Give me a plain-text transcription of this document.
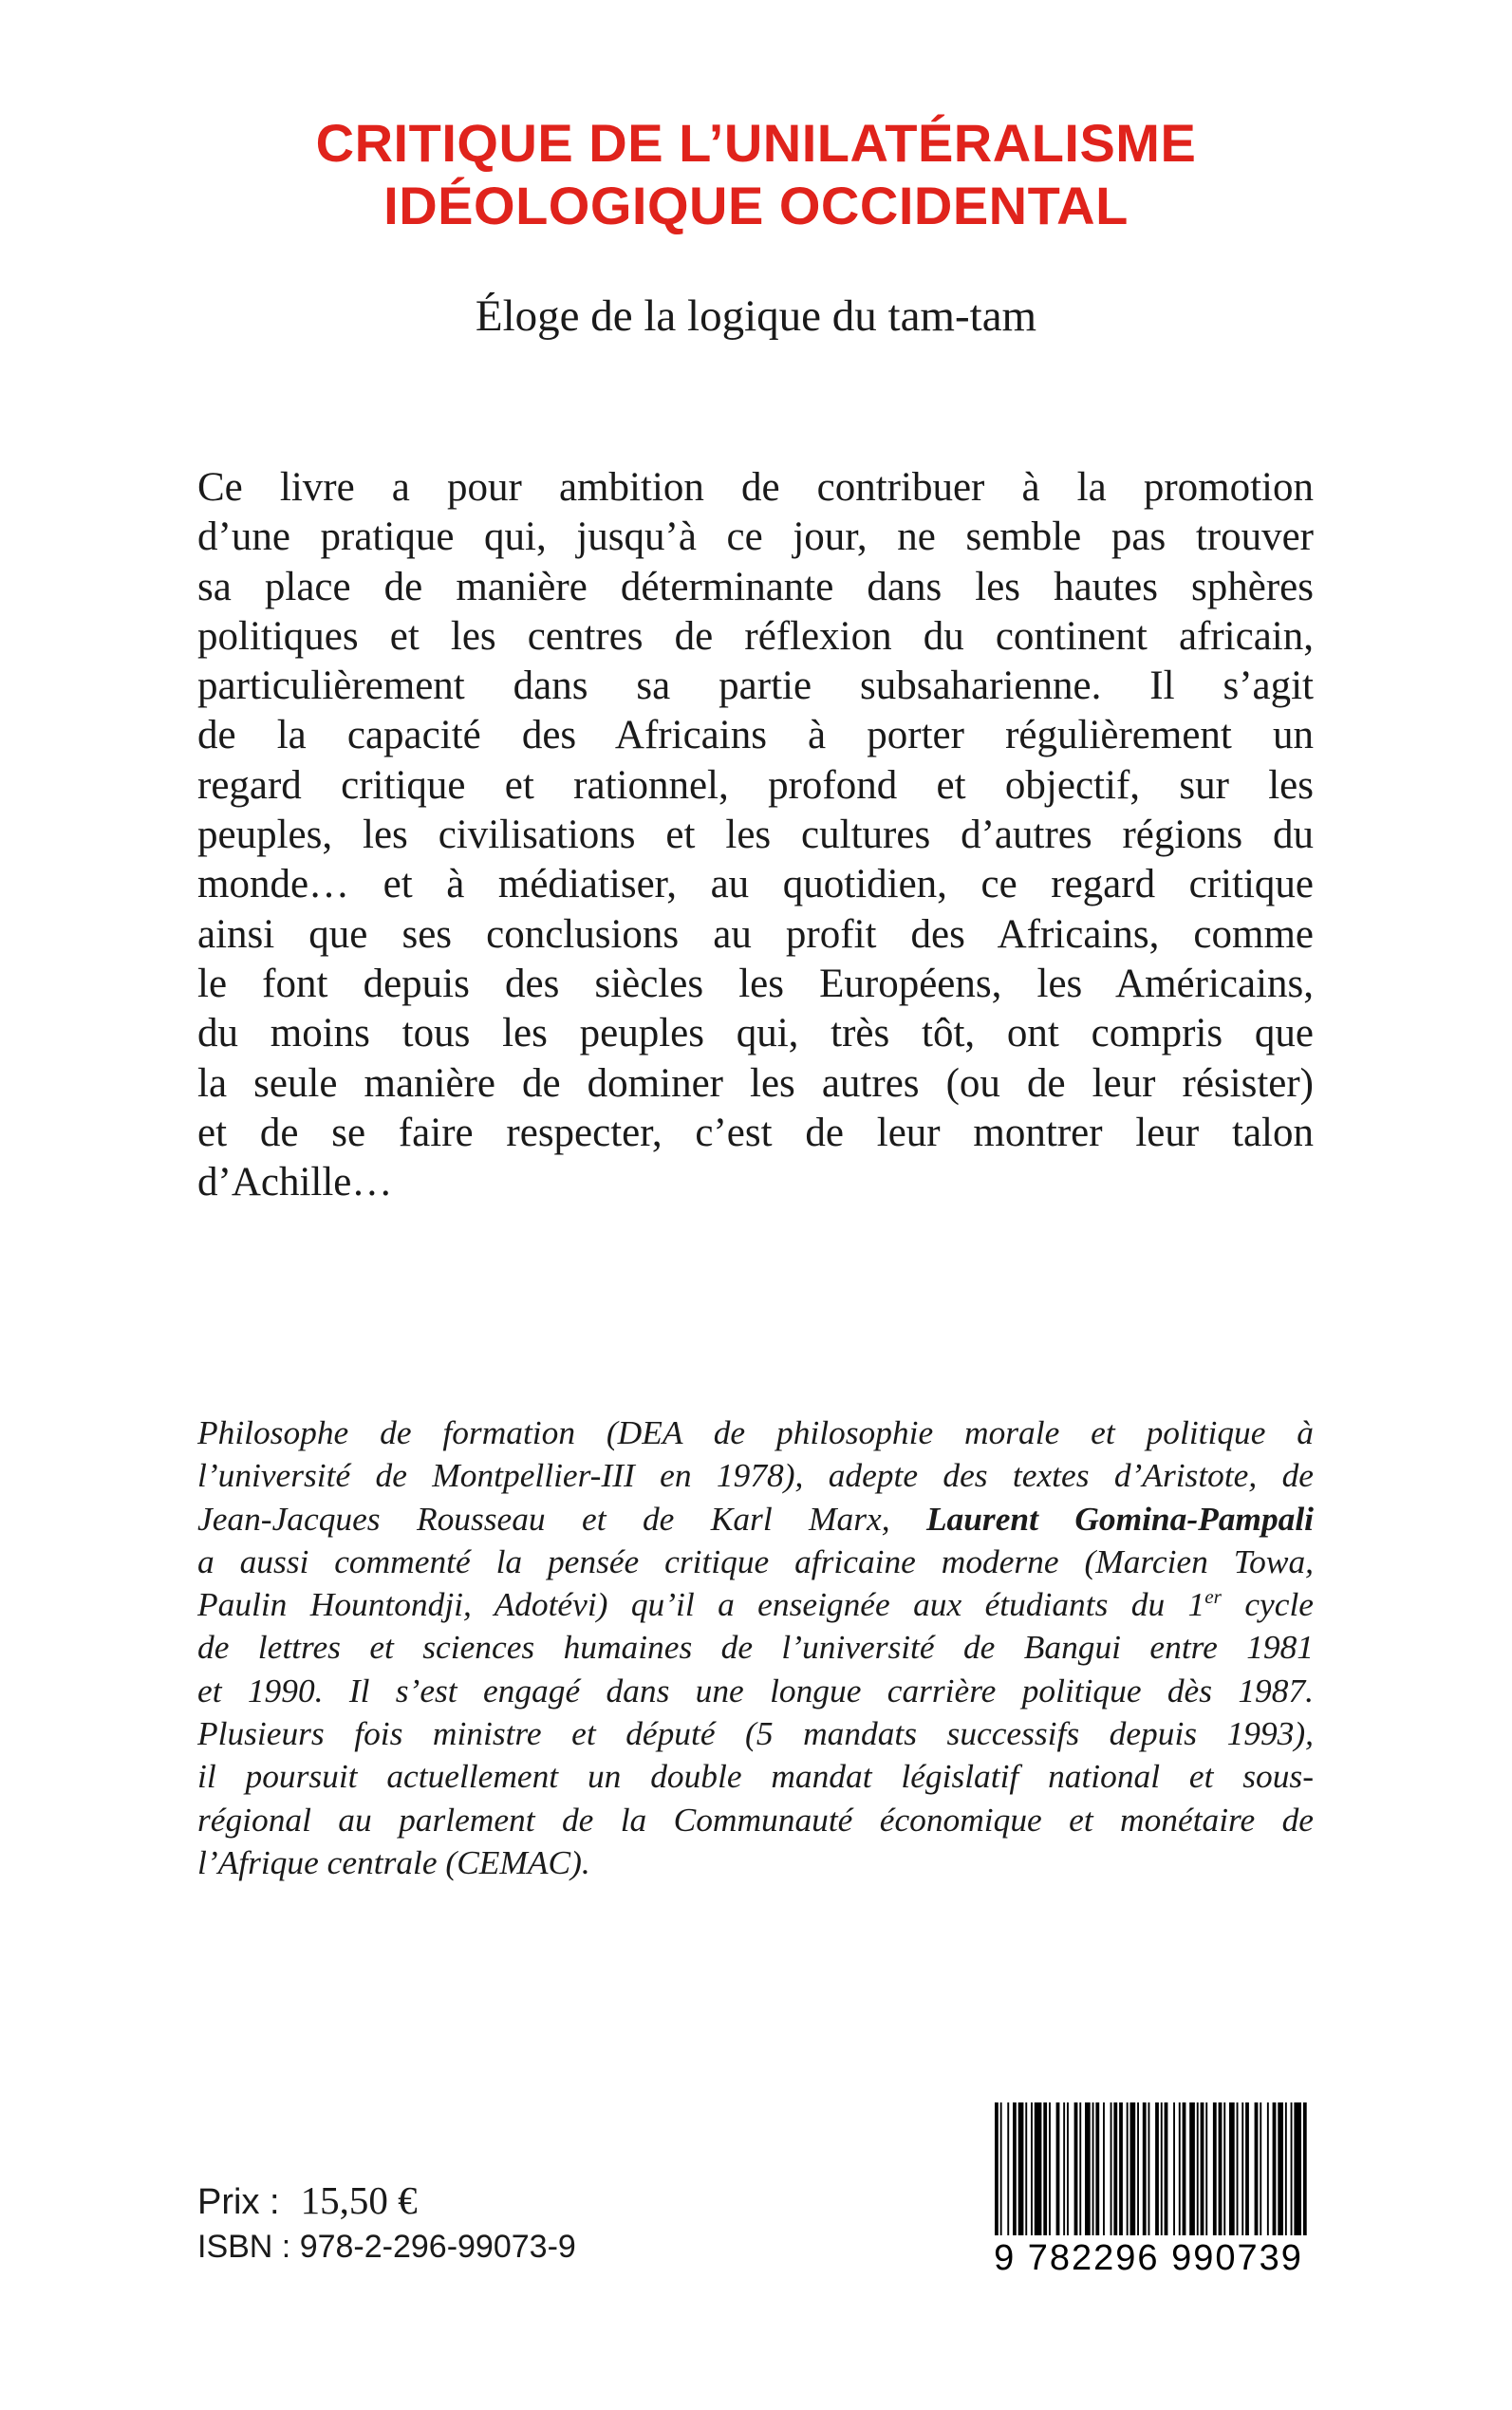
CRITIQUE DE L’UNILATÉRALISME
IDÉOLOGIQUE OCCIDENTAL
Éloge de la logique du tam-tam
Ce livre a pour ambition de contribuer à la promotion
d’une pratique qui, jusqu’à ce jour, ne semble pas trouver
sa place de manière déterminante dans les hautes sphères
politiques et les centres de réflexion du continent africain,
particulièrement dans sa partie subsaharienne. Il s’agit
de la capacité des Africains à porter régulièrement un
regard critique et rationnel, profond et objectif, sur les
peuples, les civilisations et les cultures d’autres régions du
monde… et à médiatiser, au quotidien, ce regard critique
ainsi que ses conclusions au profit des Africains, comme
le font depuis des siècles les Européens, les Américains,
du moins tous les peuples qui, très tôt, ont compris que
la seule manière de dominer les autres (ou de leur résister)
et de se faire respecter, c’est de leur montrer leur talon
d’Achille…
Philosophe de formation (DEA de philosophie morale et politique à
l’université de Montpellier-III en 1978), adepte des textes d’Aristote, de
Jean-Jacques Rousseau et de Karl Marx, Laurent Gomina-Pampali
a aussi commenté la pensée critique africaine moderne (Marcien Towa,
Paulin Hountondji, Adotévi) qu’il a enseignée aux étudiants du 1er cycle
de lettres et sciences humaines de l’université de Bangui entre 1981
et 1990. Il s’est engagé dans une longue carrière politique dès 1987.
Plusieurs fois ministre et député (5 mandats successifs depuis 1993),
il poursuit actuellement un double mandat législatif national et sous-
régional au parlement de la Communauté économique et monétaire de
l’Afrique centrale (CEMAC).
Prix : 15,50 €
ISBN : 978-2-296-99073-9	9 782296 990739
